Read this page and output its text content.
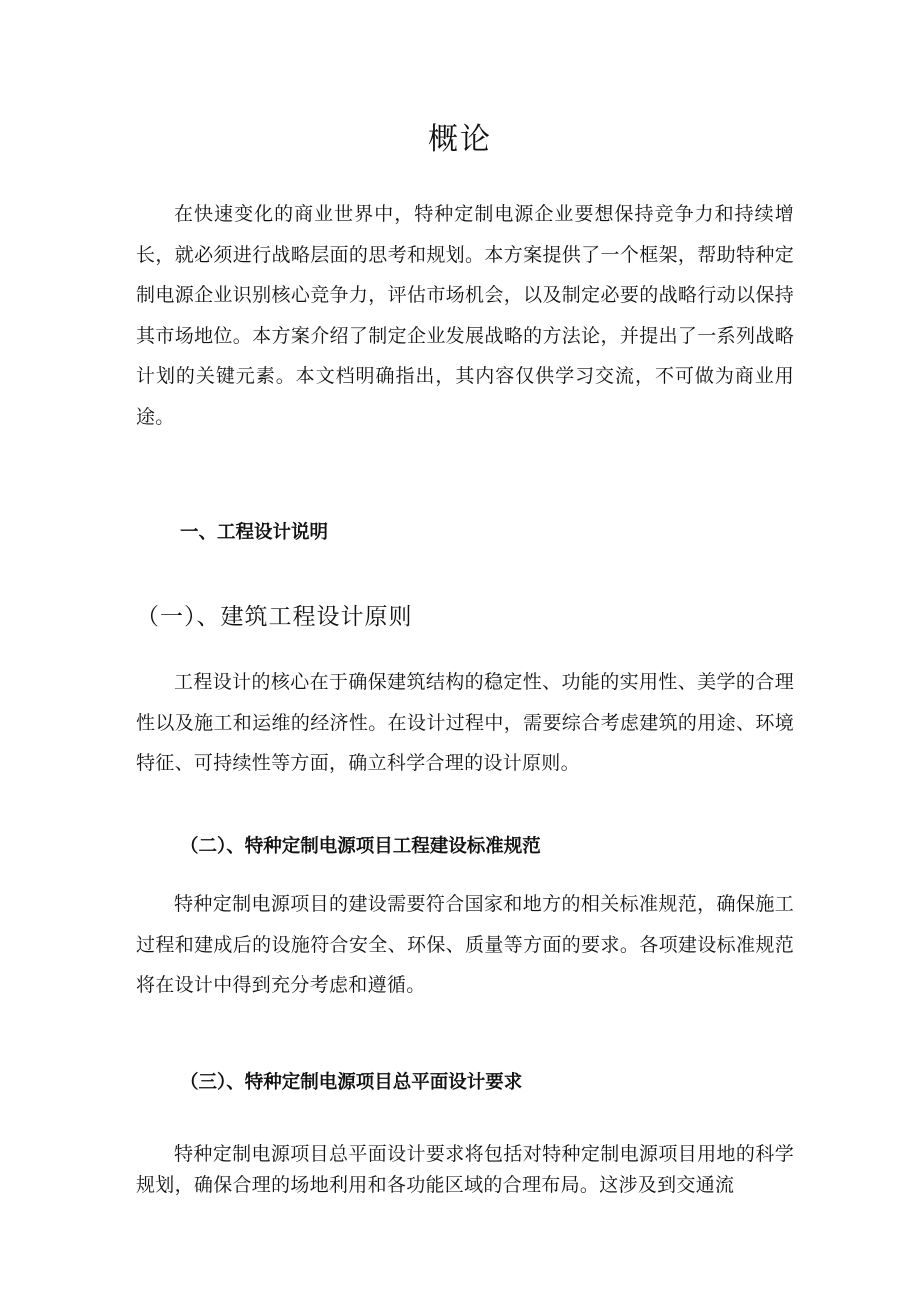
概论

在快速变化的商业世界中，特种定制电源企业要想保持竞争力和持续增长，就必须进行战略层面的思考和规划。本方案提供了一个框架，帮助特种定制电源企业识别核心竞争力，评估市场机会，以及制定必要的战略行动以保持其市场地位。本方案介绍了制定企业发展战略的方法论，并提出了一系列战略计划的关键元素。本文档明确指出，其内容仅供学习交流，不可做为商业用途。

一、工程设计说明
（一）、建筑工程设计原则

工程设计的核心在于确保建筑结构的稳定性、功能的实用性、美学的合理性以及施工和运维的经济性。在设计过程中，需要综合考虑建筑的用途、环境特征、可持续性等方面，确立科学合理的设计原则。

（二）、特种定制电源项目工程建设标准规范

特种定制电源项目的建设需要符合国家和地方的相关标准规范，确保施工过程和建成后的设施符合安全、环保、质量等方面的要求。各项建设标准规范将在设计中得到充分考虑和遵循。

（三）、特种定制电源项目总平面设计要求

特种定制电源项目总平面设计要求将包括对特种定制电源项目用地的科学规划，确保合理的场地利用和各功能区域的合理布局。这涉及到交通流
